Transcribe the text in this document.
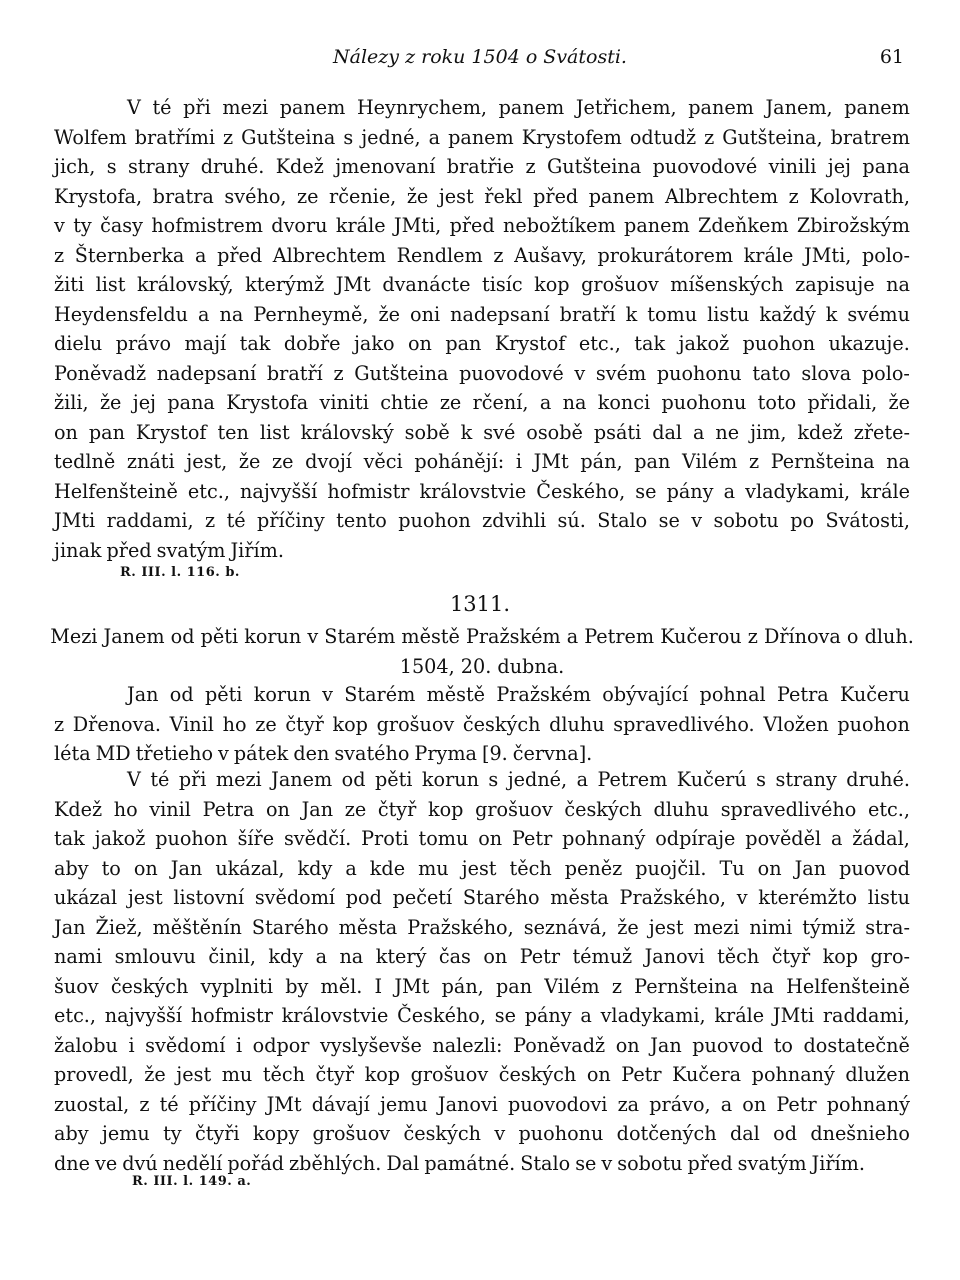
Nálezy z roku 1504 o Svátosti.	61
V té při mezi panem Heynrychem, panem Jetřichem, panem Janem, panem
Wolfem bratřími z Gutšteina s jedné, a panem Krystofem odtudž z Gutšteina, bratrem
jich, s strany druhé. Kdež jmenovaní bratřie z Gutšteina puovodové vinili jej pana
Krystofa, bratra svého, ze rčenie, že jest řekl před panem Albrechtem z Kolovrath,
v ty časy hofmistrem dvoru krále JMti, před nebožtíkem panem Zdeňkem Zbirožským
z Šternberka a před Albrechtem Rendlem z Aušavy, prokurátorem krále JMti, polo-
žiti list královský, kterýmž JMt dvanácte tisíc kop grošuov míšenských zapisuje na
Heydensfeldu a na Pernheymě, že oni nadepsaní bratří k tomu listu každý k svému
dielu právo mají tak dobře jako on pan Krystof etc., tak jakož puohon ukazuje.
Poněvadž nadepsaní bratří z Gutšteina puovodové v svém puohonu tato slova polo-
žili, že jej pana Krystofa viniti chtie ze rčení, a na konci puohonu toto přidali, že
on pan Krystof ten list královský sobě k své osobě psáti dal a ne jim, kdež zřete-
tedlně znáti jest, že ze dvojí věci pohánějí: i JMt pán, pan Vilém z Pernšteina na
Helfenšteině etc., najvyšší hofmistr královstvie Českého, se pány a vladykami, krále
JMti raddami, z té příčiny tento puohon zdvihli sú. Stalo se v sobotu po Svátosti,
jinak před svatým Jiřím.
R. III. l. 116. b.
1311.
Mezi Janem od pěti korun v Starém městě Pražském a Petrem Kučerou z Dřínova o dluh.
1504, 20. dubna.
Jan od pěti korun v Starém městě Pražském obývající pohnal Petra Kučeru
z Dřenova. Vinil ho ze čtyř kop grošuov českých dluhu spravedlivého. Vložen puohon
léta MD třetieho v pátek den svatého Pryma [9. června].
V té při mezi Janem od pěti korun s jedné, a Petrem Kučerú s strany druhé.
Kdež ho vinil Petra on Jan ze čtyř kop grošuov českých dluhu spravedlivého etc.,
tak jakož puohon šíře svědčí. Proti tomu on Petr pohnaný odpíraje pověděl a žádal,
aby to on Jan ukázal, kdy a kde mu jest těch peněz puojčil. Tu on Jan puovod
ukázal jest listovní svědomí pod pečetí Starého města Pražského, v kterémžto listu
Jan Žiež, měštěnín Starého města Pražského, seznává, že jest mezi nimi týmiž stra-
nami smlouvu činil, kdy a na který čas on Petr témuž Janovi těch čtyř kop gro-
šuov českých vyplniti by měl. I JMt pán, pan Vilém z Pernšteina na Helfenšteině
etc., najvyšší hofmistr královstvie Českého, se pány a vladykami, krále JMti raddami,
žalobu i svědomí i odpor vyslyševše nalezli: Poněvadž on Jan puovod to dostatečně
provedl, že jest mu těch čtyř kop grošuov českých on Petr Kučera pohnaný dlužen
zuostal, z té příčiny JMt dávají jemu Janovi puovodovi za právo, a on Petr pohnaný
aby jemu ty čtyři kopy grošuov českých v puohonu dotčených dal od dnešnieho
dne ve dvú nedělí pořád zběhlých. Dal památné. Stalo se v sobotu před svatým Jiřím.
R. III. l. 149. a.
